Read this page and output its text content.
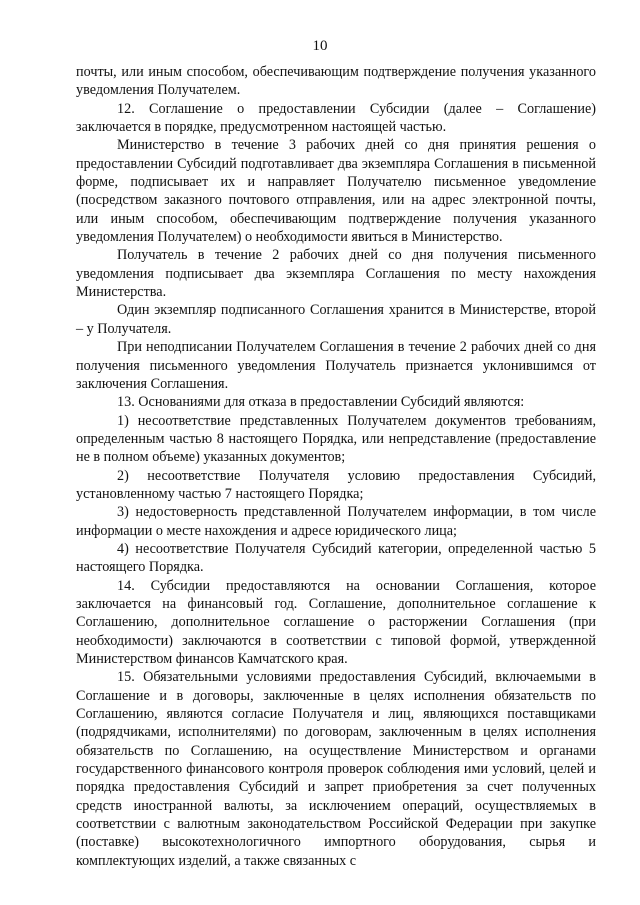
10

почты, или иным способом, обеспечивающим подтверждение получения указанного уведомления Получателем.

12. Соглашение о предоставлении Субсидии (далее – Соглашение) заключается в порядке, предусмотренном настоящей частью.

Министерство в течение 3 рабочих дней со дня принятия решения о предоставлении Субсидий подготавливает два экземпляра Соглашения в письменной форме, подписывает их и направляет Получателю письменное уведомление (посредством заказного почтового отправления, или на адрес электронной почты, или иным способом, обеспечивающим подтверждение получения указанного уведомления Получателем) о необходимости явиться в Министерство.

Получатель в течение 2 рабочих дней со дня получения письменного уведомления подписывает два экземпляра Соглашения по месту нахождения Министерства.

Один экземпляр подписанного Соглашения хранится в Министерстве, второй – у Получателя.

При неподписании Получателем Соглашения в течение 2 рабочих дней со дня получения письменного уведомления Получатель признается уклонившимся от заключения Соглашения.

13. Основаниями для отказа в предоставлении Субсидий являются:

1) несоответствие представленных Получателем документов требованиям, определенным частью 8 настоящего Порядка, или непредставление (предоставление не в полном объеме) указанных документов;

2) несоответствие Получателя условию предоставления Субсидий, установленному частью 7 настоящего Порядка;

3) недостоверность представленной Получателем информации, в том числе информации о месте нахождения и адресе юридического лица;

4) несоответствие Получателя Субсидий категории, определенной частью 5 настоящего Порядка.

14. Субсидии предоставляются на основании Соглашения, которое заключается на финансовый год. Соглашение, дополнительное соглашение к Соглашению, дополнительное соглашение о расторжении Соглашения (при необходимости) заключаются в соответствии с типовой формой, утвержденной Министерством финансов Камчатского края.

15. Обязательными условиями предоставления Субсидий, включаемыми в Соглашение и в договоры, заключенные в целях исполнения обязательств по Соглашению, являются согласие Получателя и лиц, являющихся поставщиками (подрядчиками, исполнителями) по договорам, заключенным в целях исполнения обязательств по Соглашению, на осуществление Министерством и органами государственного финансового контроля проверок соблюдения ими условий, целей и порядка предоставления Субсидий и запрет приобретения за счет полученных средств иностранной валюты, за исключением операций, осуществляемых в соответствии с валютным законодательством Российской Федерации при закупке (поставке) высокотехнологичного импортного оборудования, сырья и комплектующих изделий, а также связанных с
